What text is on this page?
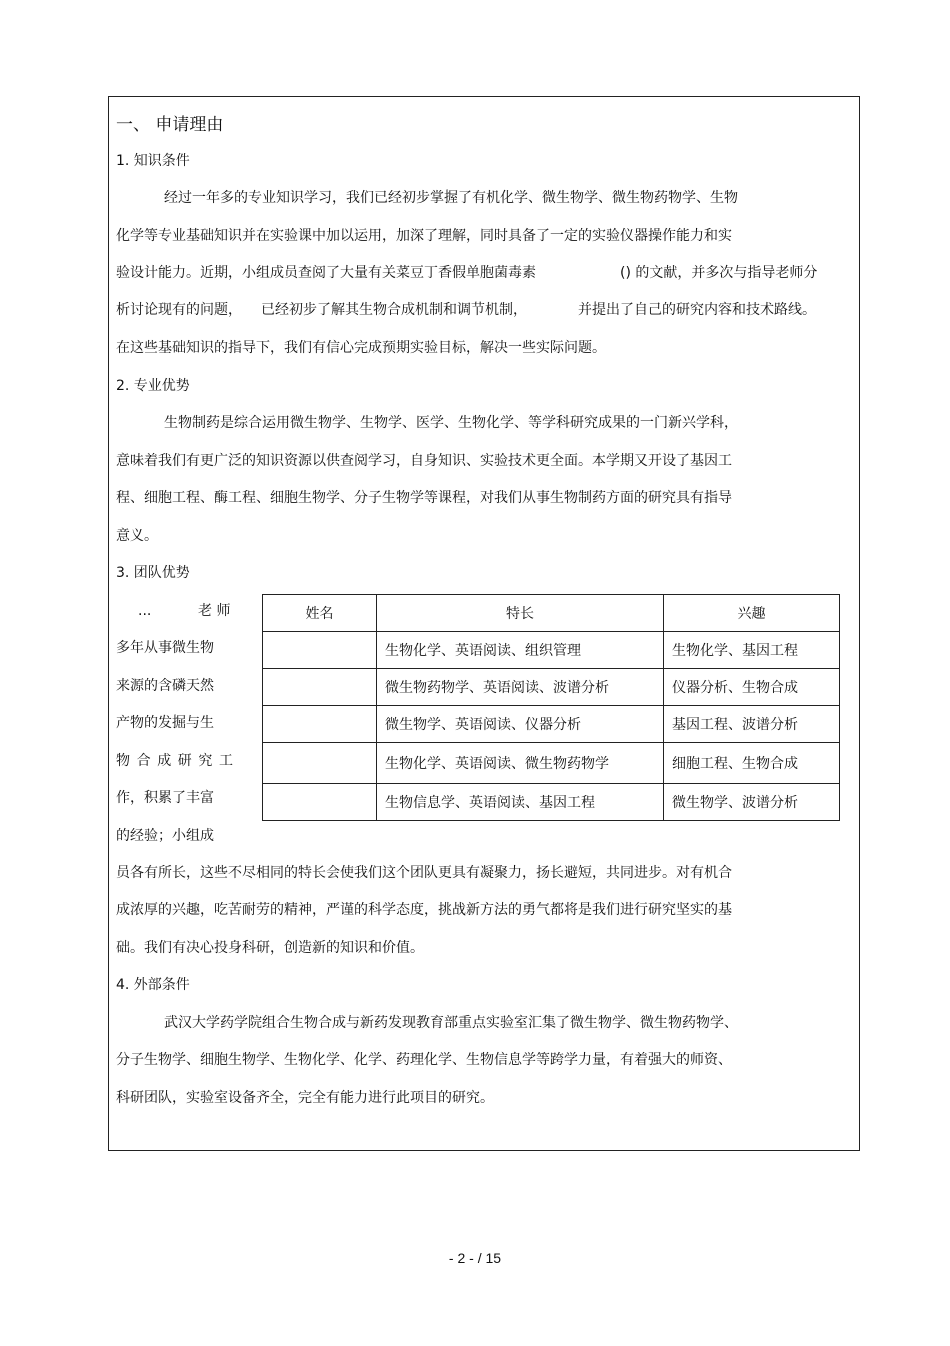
一、 申请理由
1. 知识条件
经过一年多的专业知识学习，我们已经初步掌握了有机化学、微生物学、微生物药物学、生物
化学等专业基础知识并在实验课中加以运用，加深了理解，同时具备了一定的实验仪器操作能力和实
验设计能力。近期，小组成员查阅了大量有关菜豆丁香假单胞菌毒素	() 的文献，并多次与指导老师分
析讨论现有的问题， 已经初步了解其生物合成机制和调节机制，	并提出了自己的研究内容和技术路线。
在这些基础知识的指导下，我们有信心完成预期实验目标，解决一些实际问题。
2. 专业优势
生物制药是综合运用微生物学、生物学、医学、生物化学、等学科研究成果的一门新兴学科，
意味着我们有更广泛的知识资源以供查阅学习，自身知识、实验技术更全面。本学期又开设了基因工
程、细胞工程、酶工程、细胞生物学、分子生物学等课程，对我们从事生物制药方面的研究具有指导
意义。
3. 团队优势
...	老 师
多年从事微生物
来源的含磷天然
产物的发掘与生
物 合 成 研 究 工
作，积累了丰富
的经验；小组成
姓名	特长	兴趣
	生物化学、英语阅读、组织管理	生物化学、基因工程
	微生物药物学、英语阅读、波谱分析	仪器分析、生物合成
	微生物学、英语阅读、仪器分析	基因工程、波谱分析
	生物化学、英语阅读、微生物药物学	细胞工程、生物合成
	生物信息学、英语阅读、基因工程	微生物学、波谱分析
员各有所长，这些不尽相同的特长会使我们这个团队更具有凝聚力，扬长避短，共同进步。对有机合
成浓厚的兴趣，吃苦耐劳的精神，严谨的科学态度，挑战新方法的勇气都将是我们进行研究坚实的基
础。我们有决心投身科研，创造新的知识和价值。
4. 外部条件
武汉大学药学院组合生物合成与新药发现教育部重点实验室汇集了微生物学、微生物药物学、
分子生物学、细胞生物学、生物化学、化学、药理化学、生物信息学等跨学力量，有着强大的师资、
科研团队，实验室设备齐全，完全有能力进行此项目的研究。
- 2 - / 15
